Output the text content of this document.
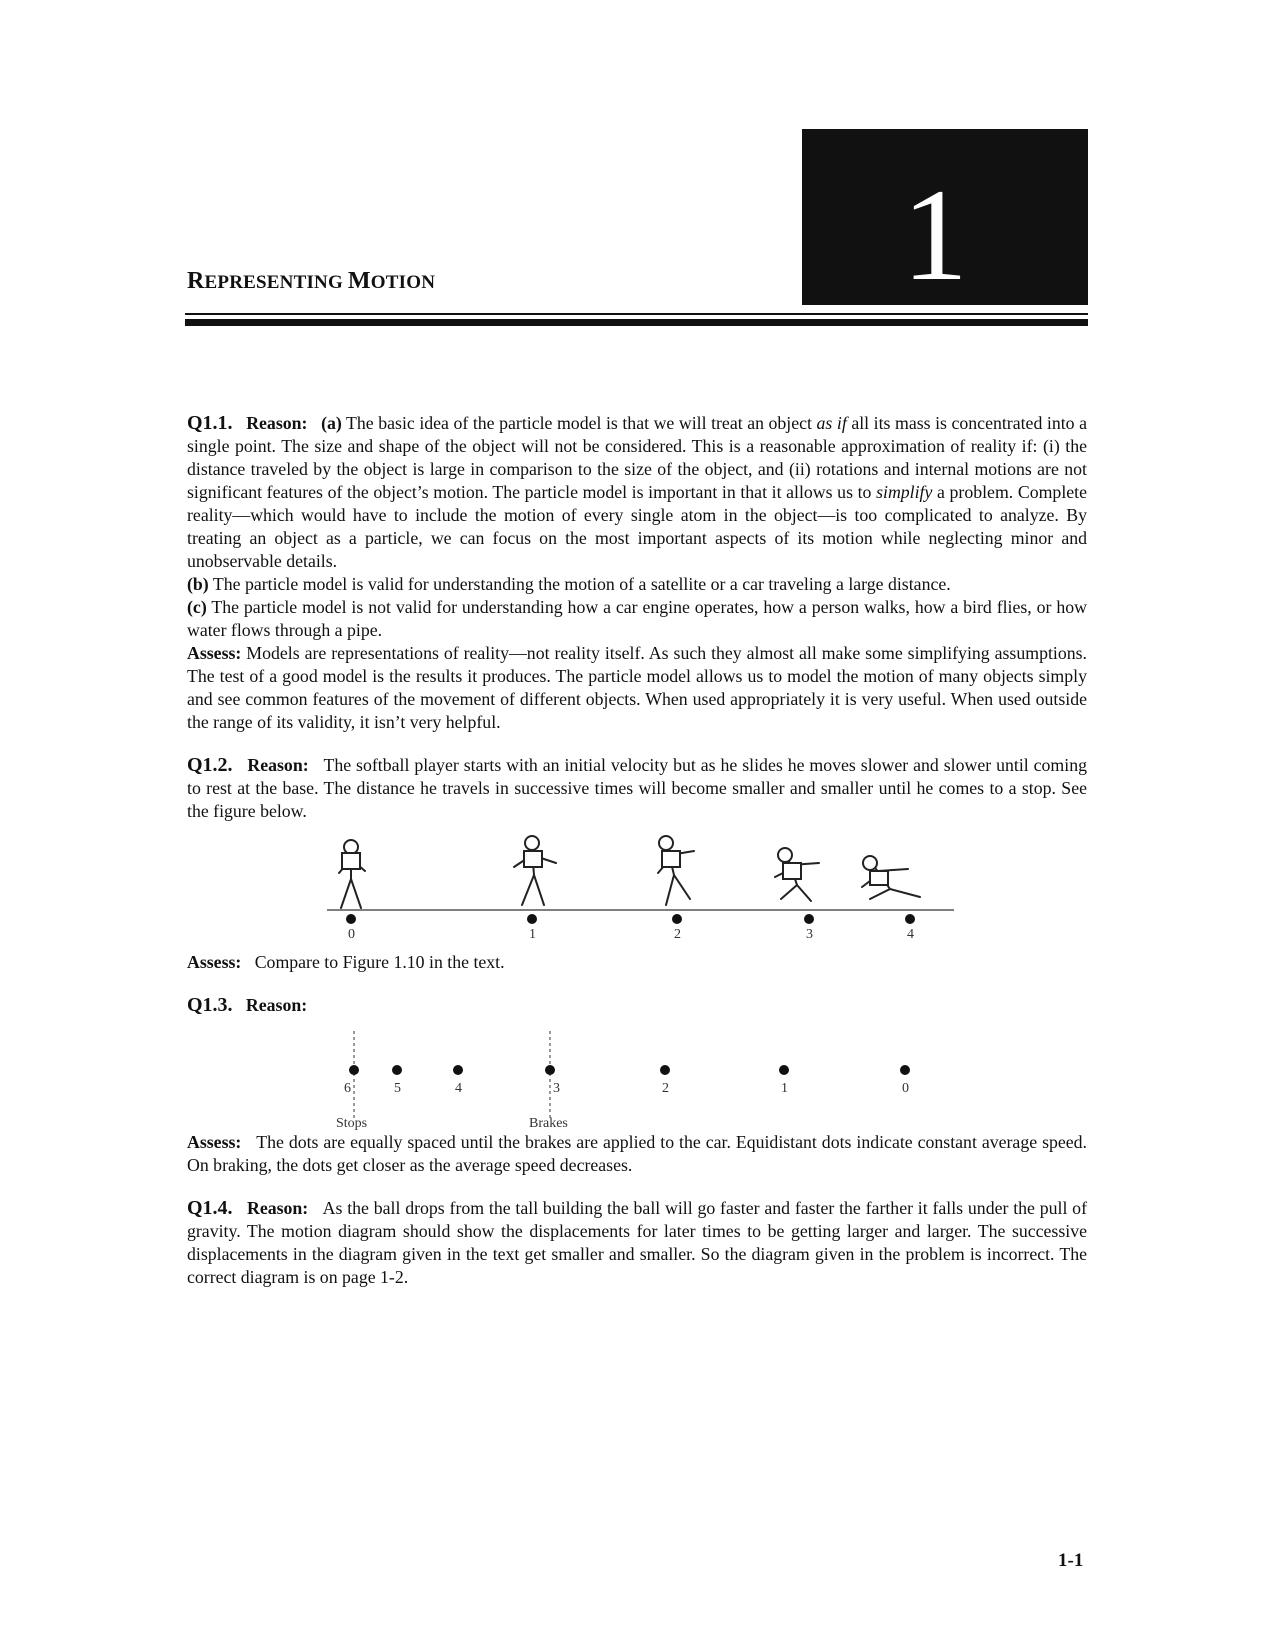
1
REPRESENTING MOTION

Q1.1. Reason: (a) The basic idea of the particle model is that we will treat an object as if all its mass is concentrated into a single point. The size and shape of the object will not be considered. This is a reasonable approximation of reality if: (i) the distance traveled by the object is large in comparison to the size of the object, and (ii) rotations and internal motions are not significant features of the object’s motion. The particle model is important in that it allows us to simplify a problem. Complete reality—which would have to include the motion of every single atom in the object—is too complicated to analyze. By treating an object as a particle, we can focus on the most important aspects of its motion while neglecting minor and unobservable details.

(b) The particle model is valid for understanding the motion of a satellite or a car traveling a large distance.

(c) The particle model is not valid for understanding how a car engine operates, how a person walks, how a bird flies, or how water flows through a pipe.

Assess: Models are representations of reality—not reality itself. As such they almost all make some simplifying assumptions. The test of a good model is the results it produces. The particle model allows us to model the motion of many objects simply and see common features of the movement of different objects. When used appropriately it is very useful. When used outside the range of its validity, it isn’t very helpful.

Q1.2. Reason: The softball player starts with an initial velocity but as he slides he moves slower and slower until coming to rest at the base. The distance he travels in successive times will become smaller and smaller until he comes to a stop. See the figure below.

0	1	2	3	4

Assess: Compare to Figure 1.10 in the text.

Q1.3. Reason:

6	5	4	3	2	1	0
Stops	Brakes

Assess: The dots are equally spaced until the brakes are applied to the car. Equidistant dots indicate constant average speed. On braking, the dots get closer as the average speed decreases.

Q1.4. Reason: As the ball drops from the tall building the ball will go faster and faster the farther it falls under the pull of gravity. The motion diagram should show the displacements for later times to be getting larger and larger. The successive displacements in the diagram given in the text get smaller and smaller. So the diagram given in the problem is incorrect. The correct diagram is on page 1-2.

1-1
